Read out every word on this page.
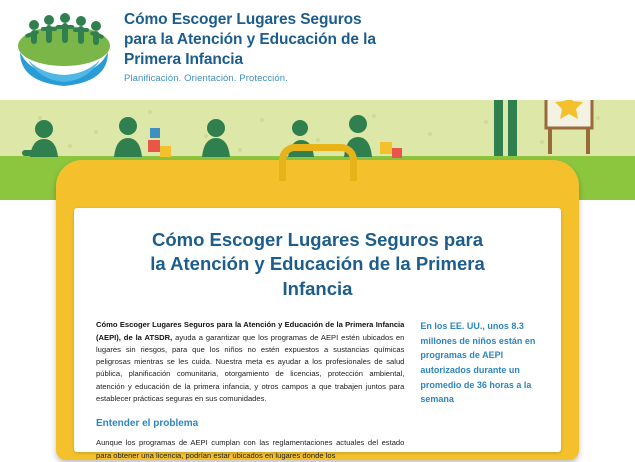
Cómo Escoger Lugares Seguros
para la Atención y Educación de la
Primera Infancia
Planificación. Orientación. Protección.
Cómo Escoger Lugares Seguros para
la Atención y Educación de la Primera Infancia

Cómo Escoger Lugares Seguros para la Atención y Educación de la Primera Infancia (AEPI), de la ATSDR, ayuda a garantizar que los programas de AEPI estén ubicados en lugares sin riesgos, para que los niños no estén expuestos a sustancias químicas peligrosas mientras se les cuida. Nuestra meta es ayudar a los profesionales de salud pública, planificación comunitaria, otorgamiento de licencias, protección ambiental, atención y educación de la primera infancia, y otros campos a que trabajen juntos para establecer prácticas seguras en sus comunidades.

Entender el problema

Aunque los programas de AEPI cumplan con las reglamentaciones actuales del estado para obtener una licencia, podrían estar ubicados en lugares donde los

En los EE. UU., unos 8.3 millones de niños están en programas de AEPI autorizados durante un promedio de 36 horas a la semana
